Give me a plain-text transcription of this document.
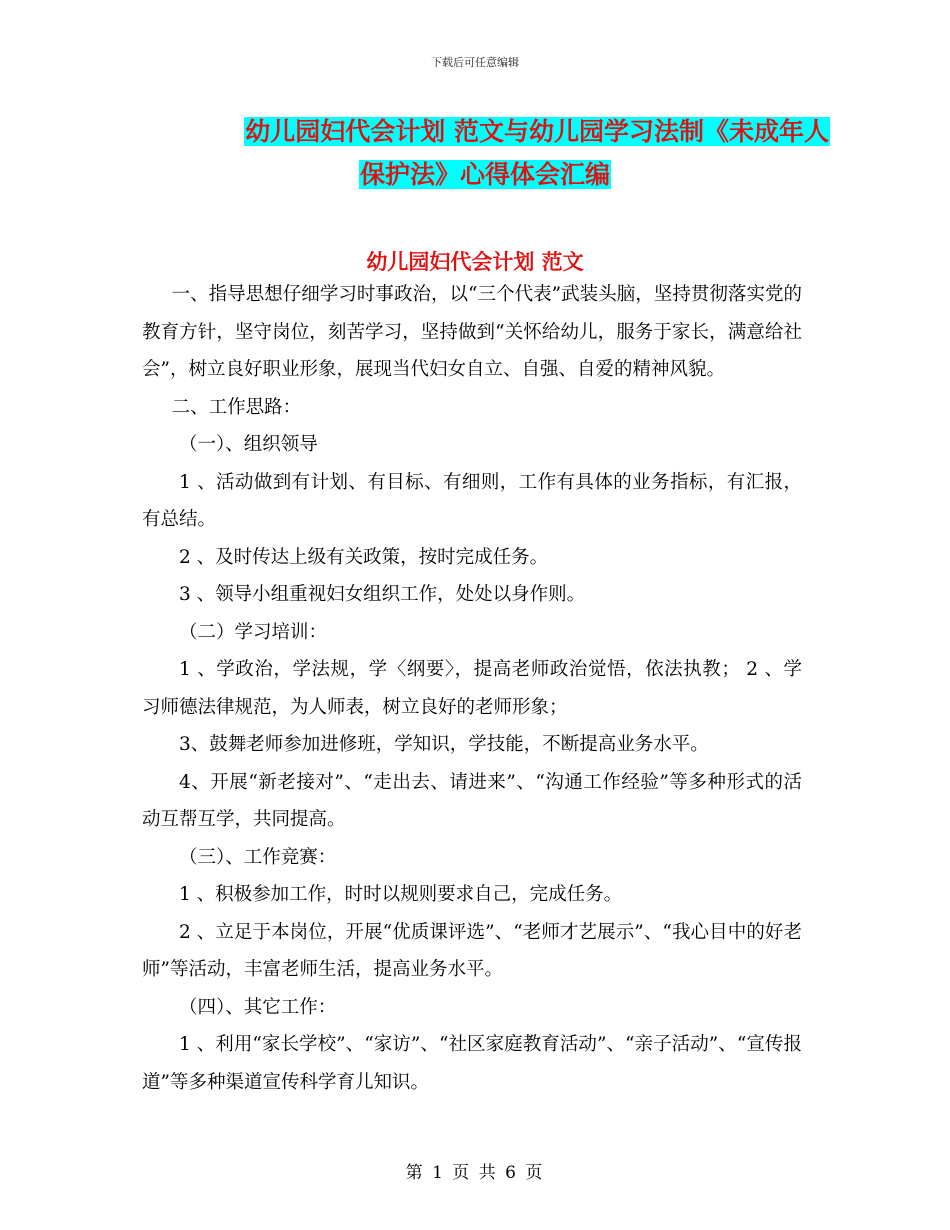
下载后可任意编辑
幼儿园妇代会计划 范文与幼儿园学习法制《未成年人
保护法》心得体会汇编
幼儿园妇代会计划 范文

一、指导思想仔细学习时事政治，以“三个代表”武装头脑，坚持贯彻落实党的教育方针，坚守岗位，刻苦学习，坚持做到“关怀给幼儿，服务于家长，满意给社会”，树立良好职业形象，展现当代妇女自立、自强、自爱的精神风貌。

二、工作思路：

（一）、组织领导

1 、活动做到有计划、有目标、有细则，工作有具体的业务指标，有汇报，有总结。

2 、及时传达上级有关政策，按时完成任务。

3 、领导小组重视妇女组织工作，处处以身作则。

（二）学习培训：

1 、学政治，学法规，学〈纲要〉，提高老师政治觉悟，依法执教； 2 、学习师德法律规范，为人师表，树立良好的老师形象；

3、鼓舞老师参加进修班，学知识，学技能，不断提高业务水平。

4、开展“新老接对”、“走出去、请进来”、“沟通工作经验”等多种形式的活动互帮互学，共同提高。

（三）、工作竞赛：

1 、积极参加工作，时时以规则要求自己，完成任务。

2 、立足于本岗位，开展“优质课评选”、“老师才艺展示”、“我心目中的好老师”等活动，丰富老师生活，提高业务水平。

（四）、其它工作：

1 、利用“家长学校”、“家访”、“社区家庭教育活动”、“亲子活动”、“宣传报道”等多种渠道宣传科学育儿知识。

第 1 页 共 6 页
